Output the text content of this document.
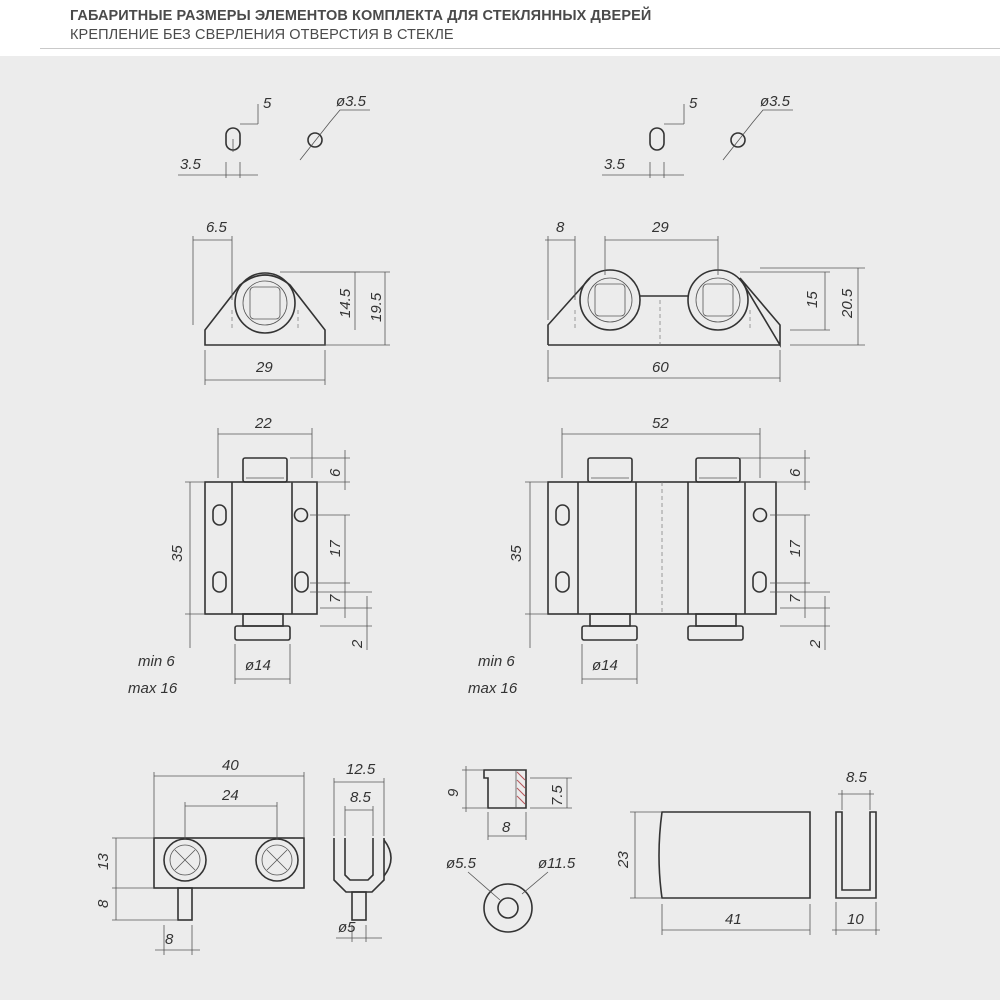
ГАБАРИТНЫЕ РАЗМЕРЫ ЭЛЕМЕНТОВ КОМПЛЕКТА ДЛЯ СТЕКЛЯННЫХ ДВЕРЕЙ
КРЕПЛЕНИЕ БЕЗ СВЕРЛЕНИЯ ОТВЕРСТИЯ В СТЕКЛЕ
5
3.5
ø3.5	5
3.5
ø3.5
6.5
14.5 19.5
29
8	29
15 20.5
60
22
6
35	17
7
2
min 6
max 16
ø14
52
6
35	17
7
2
min 6
max 16
ø14
40
24
13
8
8
12.5
8.5
ø5
9	7.5
8
ø5.5	ø11.5	23
41
8.5
10
